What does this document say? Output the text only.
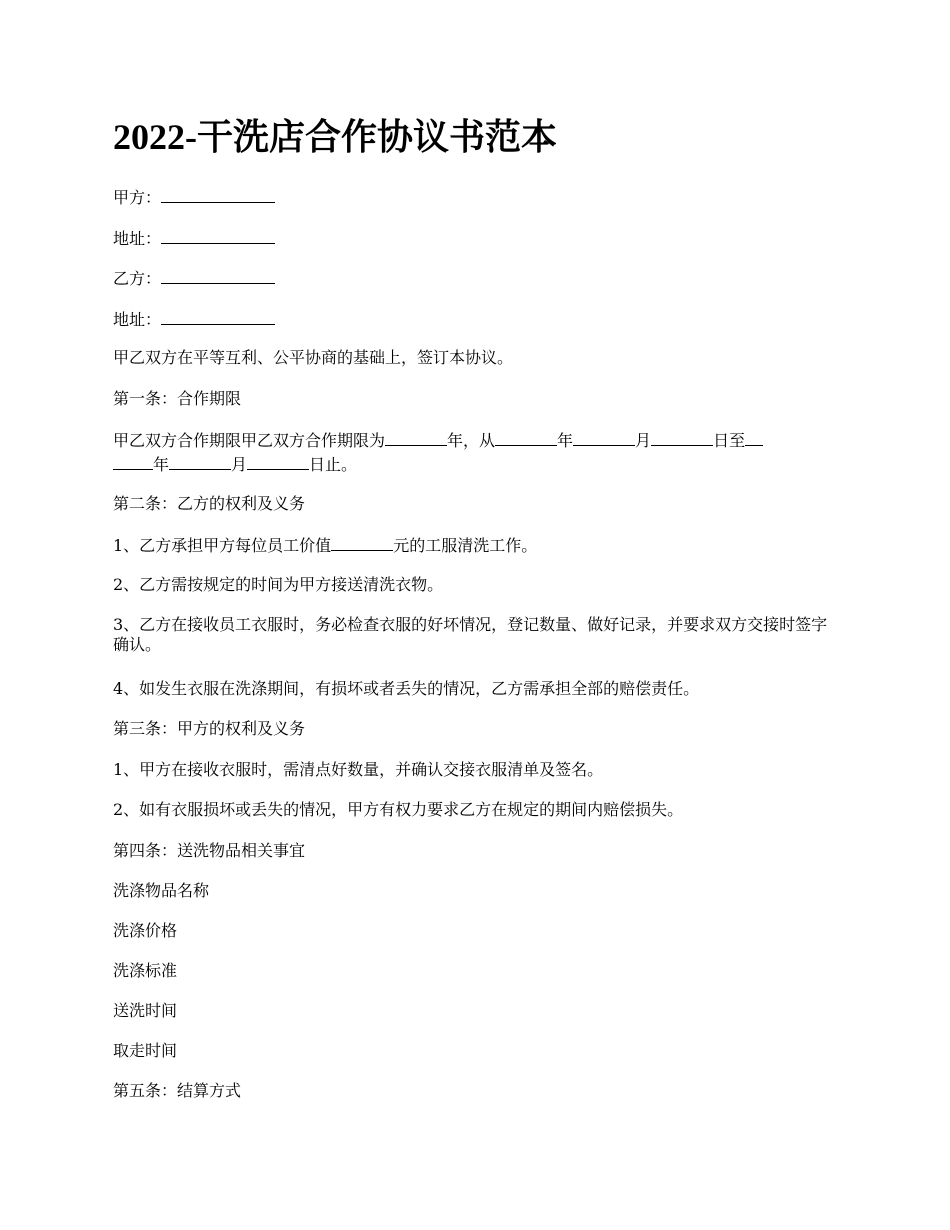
2022-干洗店合作协议书范本

甲方：

地址：

乙方：

地址：

甲乙双方在平等互利、公平协商的基础上，签订本协议。

第一条：合作期限

甲乙双方合作期限甲乙双方合作期限为	年，从	年	月	日至

年	月	日止。

第二条：乙方的权利及义务

1、乙方承担甲方每位员工价值	元的工服清洗工作。

2、乙方需按规定的时间为甲方接送清洗衣物。

3、乙方在接收员工衣服时，务必检查衣服的好坏情况，登记数量、做好记录，并要求双方交接时签字确认。

4、如发生衣服在洗涤期间，有损坏或者丢失的情况，乙方需承担全部的赔偿责任。

第三条：甲方的权利及义务

1、甲方在接收衣服时，需清点好数量，并确认交接衣服清单及签名。

2、如有衣服损坏或丢失的情况，甲方有权力要求乙方在规定的期间内赔偿损失。

第四条：送洗物品相关事宜

洗涤物品名称

洗涤价格

洗涤标准

送洗时间

取走时间

第五条：结算方式
